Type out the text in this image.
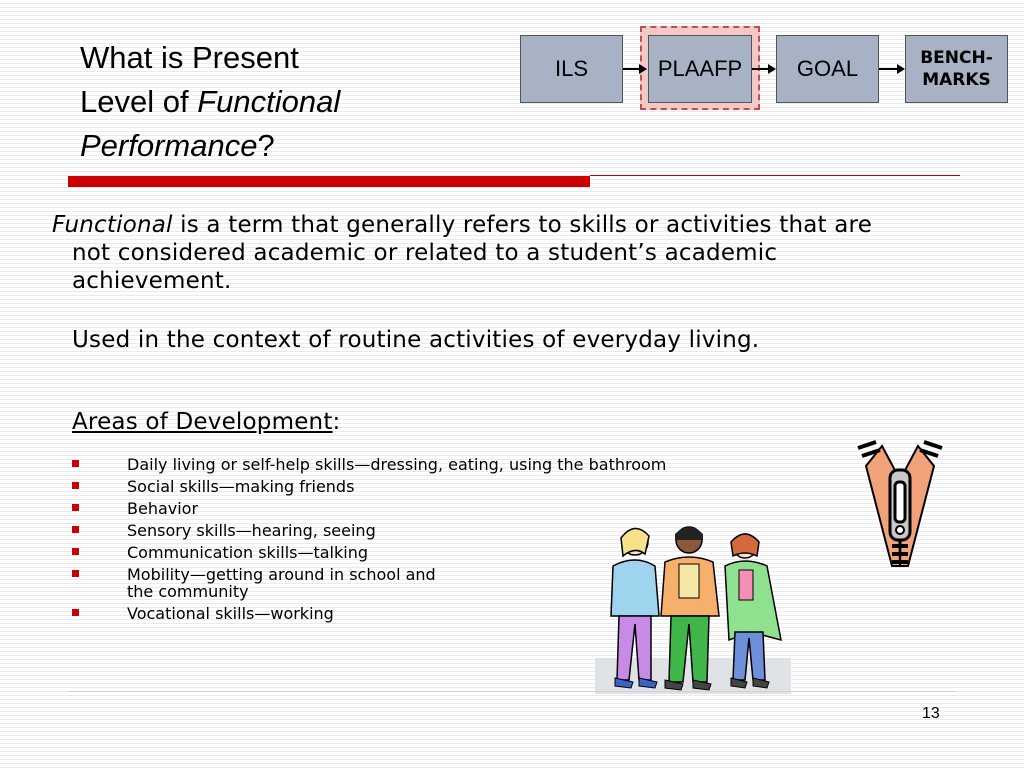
What is Present
Level of Functional
Performance?
ILS	PLAAFP	GOAL	BENCH-
MARKS
Functional is a term that generally refers to skills or activities that are not considered academic or related to a student’s academic achievement.
Used in the context of routine activities of everyday living.
Areas of Development:
Daily living or self-help skills—dressing, eating, using the bathroom
Social skills—making friends
Behavior
Sensory skills—hearing, seeing
Communication skills—talking
Mobility—getting around in school and the community
Vocational skills—working
13
